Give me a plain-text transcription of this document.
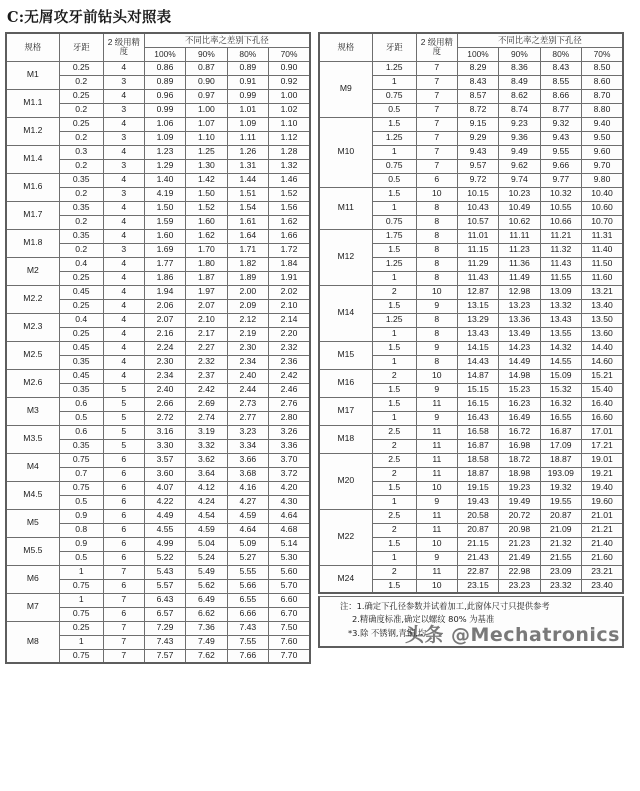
C:无屑攻牙前钻头对照表
规格	牙距	2 级用精度	不同比率之差别下孔径			
			100%	90%	80%	70%
M1	0.25	4	0.86	0.87	0.89	0.90
	0.2	3	0.89	0.90	0.91	0.92
M1.1	0.25	4	0.96	0.97	0.99	1.00
	0.2	3	0.99	1.00	1.01	1.02
M1.2	0.25	4	1.06	1.07	1.09	1.10
	0.2	3	1.09	1.10	1.11	1.12
M1.4	0.3	4	1.23	1.25	1.26	1.28
	0.2	3	1.29	1.30	1.31	1.32
M1.6	0.35	4	1.40	1.42	1.44	1.46
	0.2	3	4.19	1.50	1.51	1.52
M1.7	0.35	4	1.50	1.52	1.54	1.56
	0.2	4	1.59	1.60	1.61	1.62
M1.8	0.35	4	1.60	1.62	1.64	1.66
	0.2	3	1.69	1.70	1.71	1.72
M2	0.4	4	1.77	1.80	1.82	1.84
	0.25	4	1.86	1.87	1.89	1.91
M2.2	0.45	4	1.94	1.97	2.00	2.02
	0.25	4	2.06	2.07	2.09	2.10
M2.3	0.4	4	2.07	2.10	2.12	2.14
	0.25	4	2.16	2.17	2.19	2.20
M2.5	0.45	4	2.24	2.27	2.30	2.32
	0.35	4	2.30	2.32	2.34	2.36
M2.6	0.45	4	2.34	2.37	2.40	2.42
	0.35	5	2.40	2.42	2.44	2.46
M3	0.6	5	2.66	2.69	2.73	2.76
	0.5	5	2.72	2.74	2.77	2.80
M3.5	0.6	5	3.16	3.19	3.23	3.26
	0.35	5	3.30	3.32	3.34	3.36
M4	0.75	6	3.57	3.62	3.66	3.70
	0.7	6	3.60	3.64	3.68	3.72
M4.5	0.75	6	4.07	4.12	4.16	4.20
	0.5	6	4.22	4.24	4.27	4.30
M5	0.9	6	4.49	4.54	4.59	4.64
	0.8	6	4.55	4.59	4.64	4.68
M5.5	0.9	6	4.99	5.04	5.09	5.14
	0.5	6	5.22	5.24	5.27	5.30
M6	1	7	5.43	5.49	5.55	5.60
	0.75	6	5.57	5.62	5.66	5.70
M7	1	7	6.43	6.49	6.55	6.60
	0.75	6	6.57	6.62	6.66	6.70
M8	0.25	7	7.29	7.36	7.43	7.50
	1	7	7.43	7.49	7.55	7.60
	0.75	7	7.57	7.62	7.66	7.70
规格	牙距	2 级用精度	不同比率之差别下孔径			
			100%	90%	80%	70%
M9	1.25	7	8.29	8.36	8.43	8.50
	1	7	8.43	8.49	8.55	8.60
	0.75	7	8.57	8.62	8.66	8.70
	0.5	7	8.72	8.74	8.77	8.80
M10	1.5	7	9.15	9.23	9.32	9.40
	1.25	7	9.29	9.36	9.43	9.50
	1	7	9.43	9.49	9.55	9.60
	0.75	7	9.57	9.62	9.66	9.70
	0.5	6	9.72	9.74	9.77	9.80
M11	1.5	10	10.15	10.23	10.32	10.40
	1	8	10.43	10.49	10.55	10.60
	0.75	8	10.57	10.62	10.66	10.70
M12	1.75	8	11.01	11.11	11.21	11.31
	1.5	8	11.15	11.23	11.32	11.40
	1.25	8	11.29	11.36	11.43	11.50
	1	8	11.43	11.49	11.55	11.60
M14	2	10	12.87	12.98	13.09	13.21
	1.5	9	13.15	13.23	13.32	13.40
	1.25	8	13.29	13.36	13.43	13.50
	1	8	13.43	13.49	13.55	13.60
M15	1.5	9	14.15	14.23	14.32	14.40
	1	8	14.43	14.49	14.55	14.60
M16	2	10	14.87	14.98	15.09	15.21
	1.5	9	15.15	15.23	15.32	15.40
M17	1.5	11	16.15	16.23	16.32	16.40
	1	9	16.43	16.49	16.55	16.60
M18	2.5	11	16.58	16.72	16.87	17.01
	2	11	16.87	16.98	17.09	17.21
M20	2.5	11	18.58	18.72	18.87	19.01
	2	11	18.87	18.98	193.09	19.21
	1.5	10	19.15	19.23	19.32	19.40
	1	9	19.43	19.49	19.55	19.60
M22	2.5	11	20.58	20.72	20.87	21.01
	2	11	20.87	20.98	21.09	21.21
	1.5	10	21.15	21.23	21.32	21.40
	1	9	21.43	21.49	21.55	21.60
M24	2	11	22.87	22.98	23.09	23.21
	1.5	10	23.15	23.23	23.32	23.40
注：1.确定下孔径参数并试着加工,此窗体尺寸只提供参考
2.精确度标准,确定以螺纹 80% 为基准
*3.除 不锈钢,青铜,均
头条 @Mechatronics
